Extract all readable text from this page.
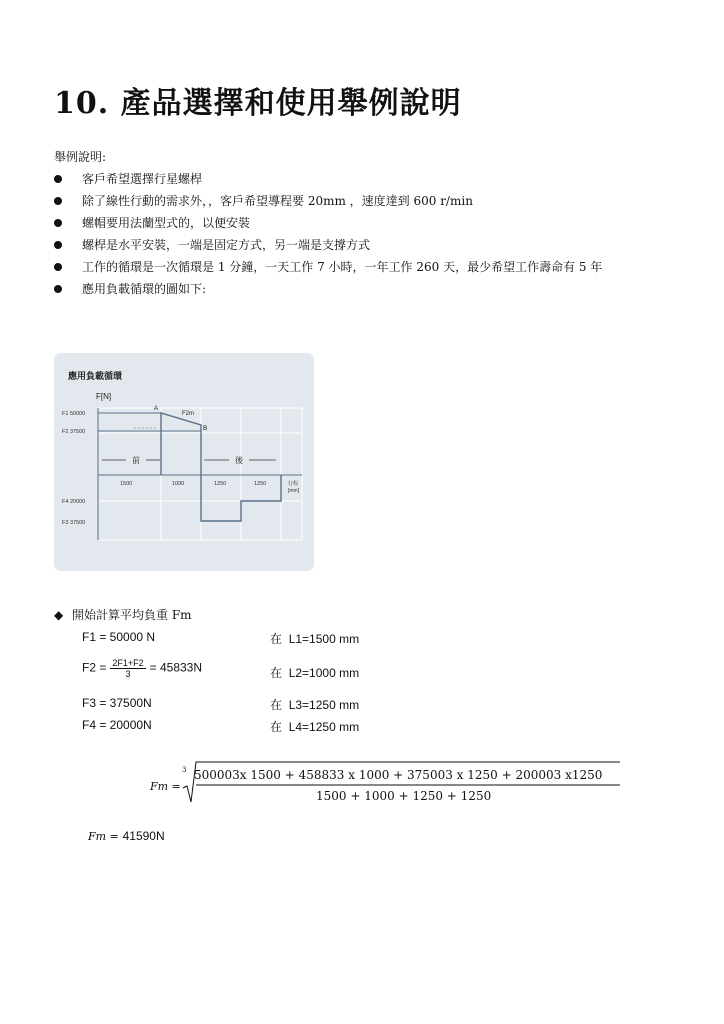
10. 產品選擇和使用舉例說明
舉例說明:
客戶希望選擇行星螺桿
除了線性行動的需求外，，客戶希望導程要 20mm ，速度達到 600 r/min
螺帽要用法蘭型式的，以便安裝
螺桿是水平安裝，一端是固定方式，另一端是支撐方式
工作的循環是一次循環是 1 分鐘，一天工作 7 小時，一年工作 260 天，最少希望工作壽命有 5 年
應用負載循環的圖如下:
應用負載循環
F[N]
F1 50000
F2 37500
F4 20000
F3 37500
A
B
F2m
前	後
1500	1000	1250	1250	行程
[mm]
◆ 開始計算平均負重 Fm
F1 = 50000 N	在 L1=1500 mm
$F2 = \frac{2F1+F2}{3} = 45833N$	在 L2=1000 mm
F3 = 37500N	在 L3=1250 mm
F4 = 20000N	在 L4=1250 mm
Fm =
3 500003x 1500 + 458833 x 1000 + 375003 x 1250 + 200003 x1250
1500 + 1000 + 1250 + 1250
Fm = 41590N
